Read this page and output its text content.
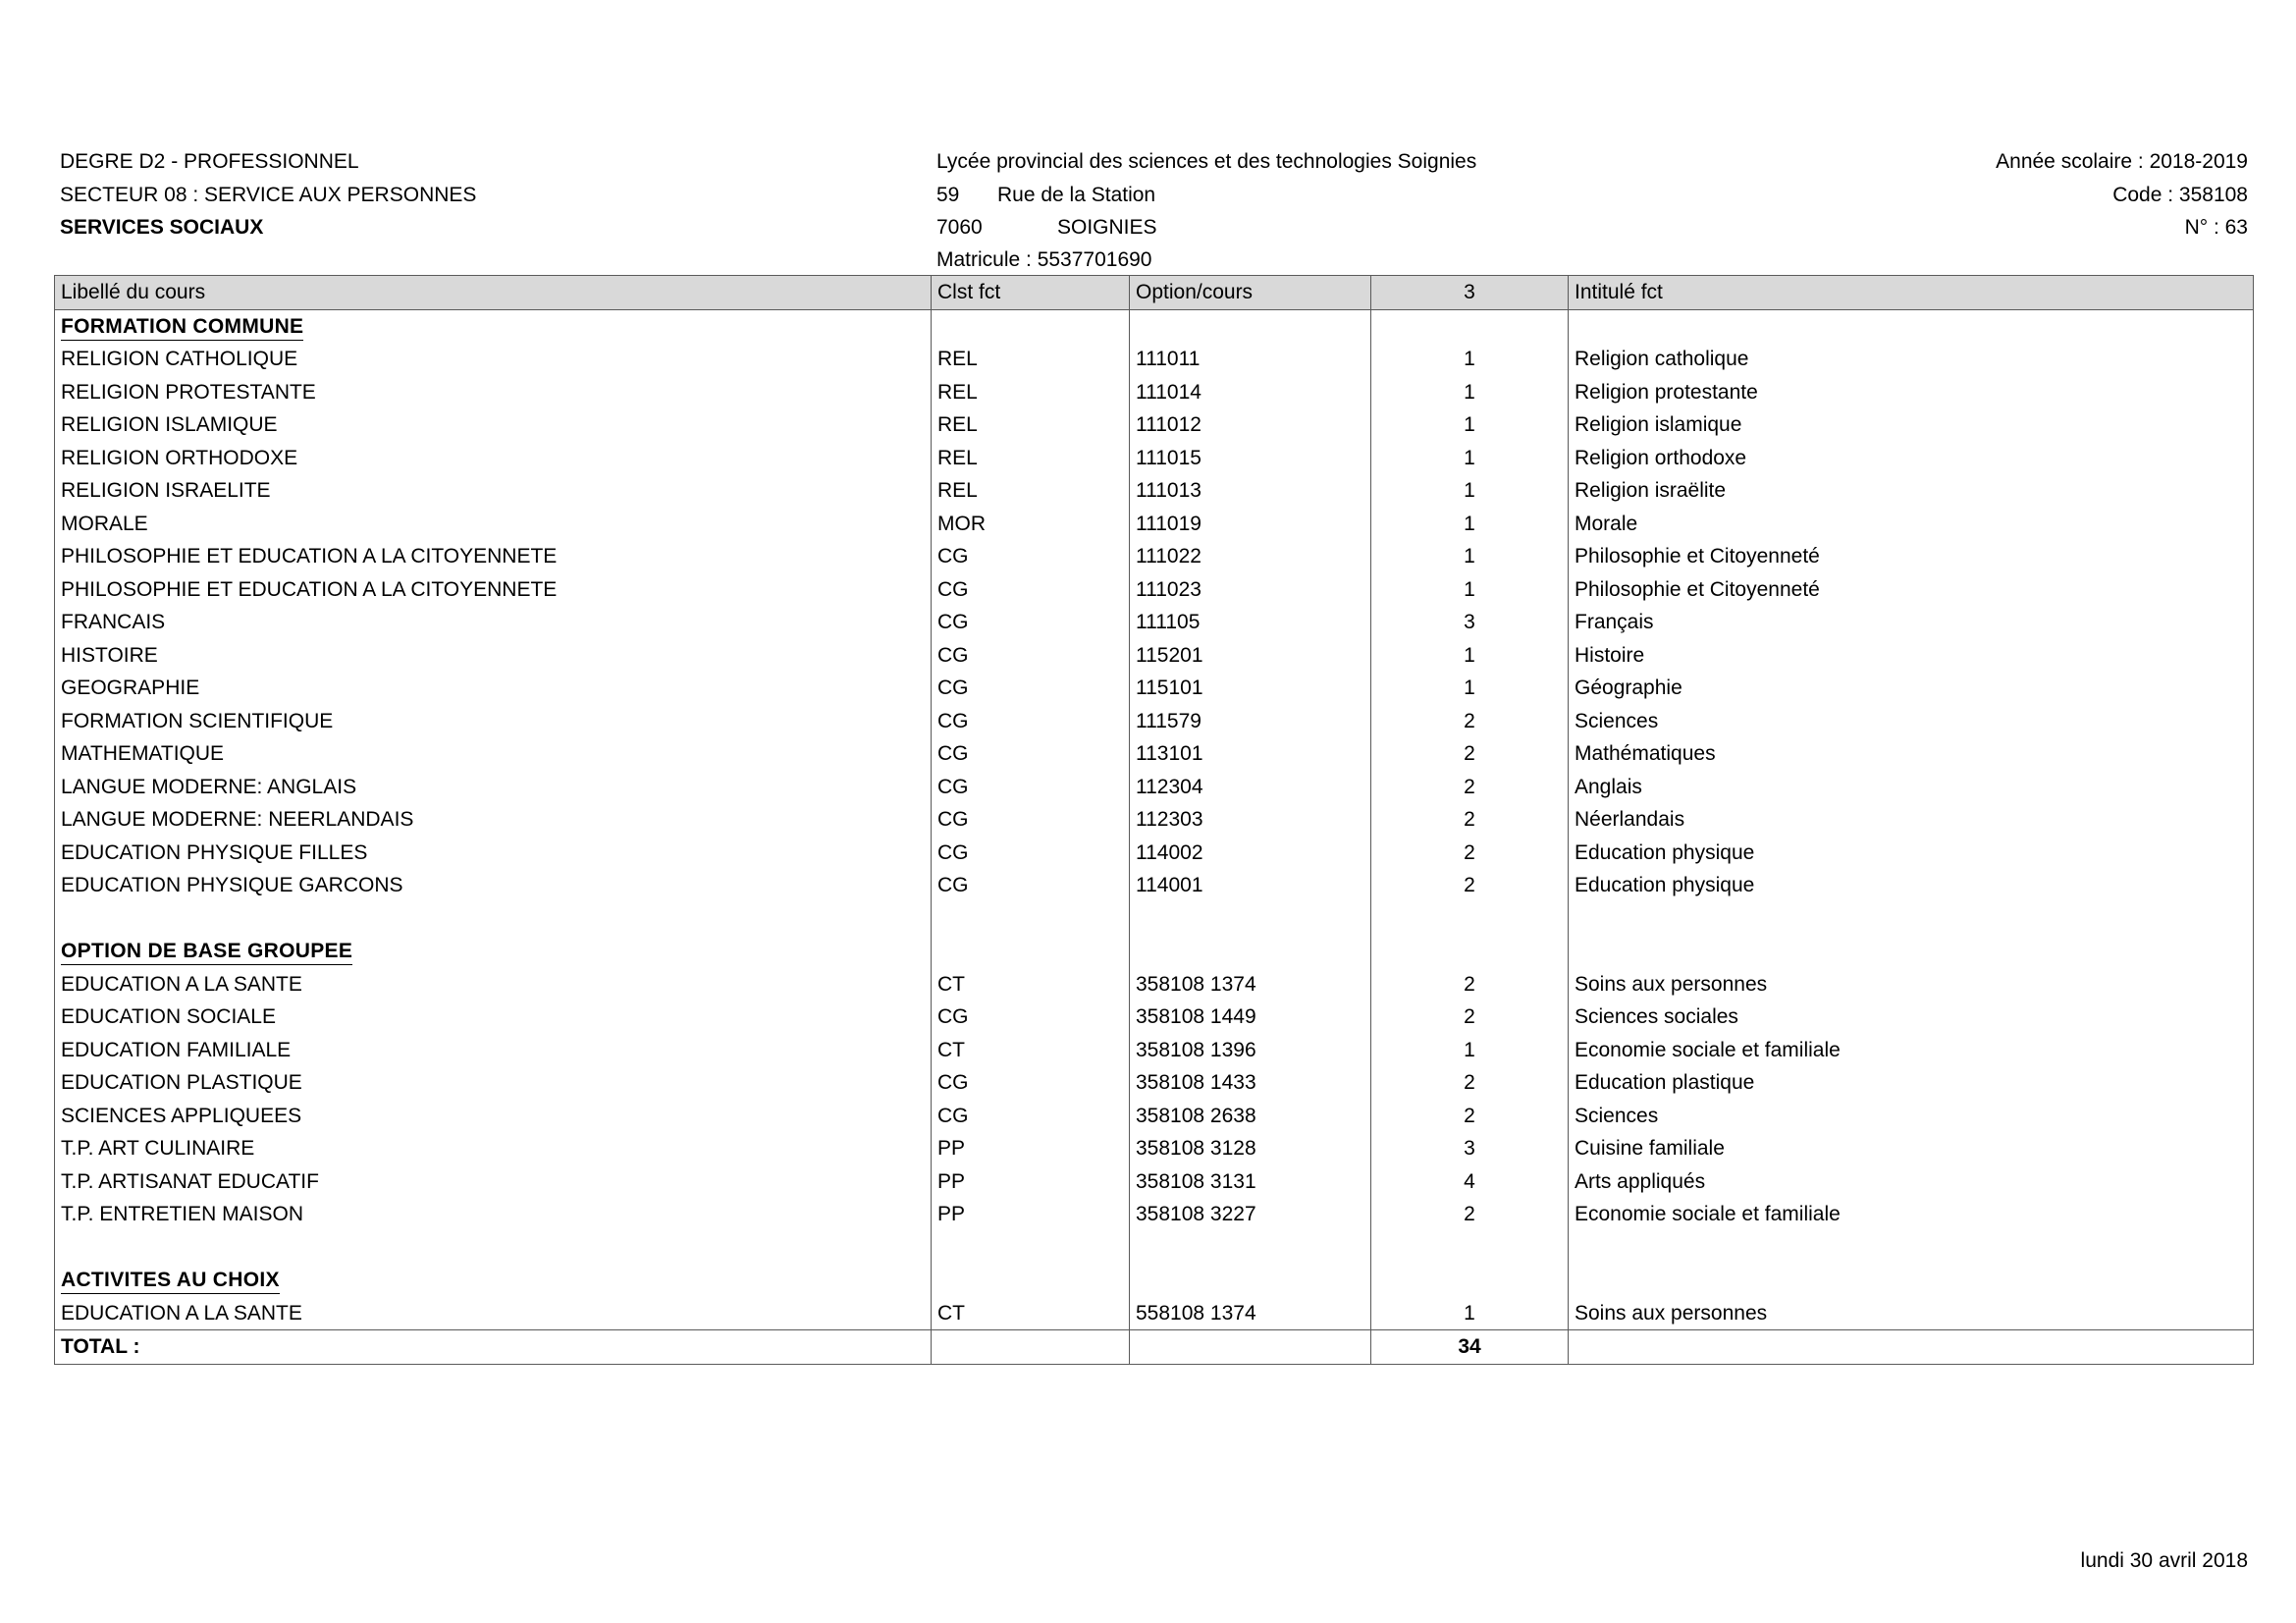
DEGRE D2 - PROFESSIONNEL
SECTEUR 08 : SERVICE AUX PERSONNES
SERVICES SOCIAUX
Lycée provincial des sciences et des technologies Soignies
59 Rue de la Station
7060	SOIGNIES
Matricule : 5537701690
Année scolaire : 2018-2019
Code : 358108
N° : 63
Libellé du cours	Clst fct	Option/cours	3	Intitulé fct
FORMATION COMMUNE				
RELIGION CATHOLIQUE	REL	111011	1	Religion catholique
RELIGION PROTESTANTE	REL	111014	1	Religion protestante
RELIGION ISLAMIQUE	REL	111012	1	Religion islamique
RELIGION ORTHODOXE	REL	111015	1	Religion orthodoxe
RELIGION ISRAELITE	REL	111013	1	Religion israëlite
MORALE	MOR	111019	1	Morale
PHILOSOPHIE ET EDUCATION A LA CITOYENNETE	CG	111022	1	Philosophie et Citoyenneté
PHILOSOPHIE ET EDUCATION A LA CITOYENNETE	CG	111023	1	Philosophie et Citoyenneté
FRANCAIS	CG	111105	3	Français
HISTOIRE	CG	115201	1	Histoire
GEOGRAPHIE	CG	115101	1	Géographie
FORMATION SCIENTIFIQUE	CG	111579	2	Sciences
MATHEMATIQUE	CG	113101	2	Mathématiques
LANGUE MODERNE: ANGLAIS	CG	112304	2	Anglais
LANGUE MODERNE: NEERLANDAIS	CG	112303	2	Néerlandais
EDUCATION PHYSIQUE FILLES	CG	114002	2	Education physique
EDUCATION PHYSIQUE GARCONS	CG	114001	2	Education physique

OPTION DE BASE GROUPEE				
EDUCATION A LA SANTE	CT	358108 1374	2	Soins aux personnes
EDUCATION SOCIALE	CG	358108 1449	2	Sciences sociales
EDUCATION FAMILIALE	CT	358108 1396	1	Economie sociale et familiale
EDUCATION PLASTIQUE	CG	358108 1433	2	Education plastique
SCIENCES APPLIQUEES	CG	358108 2638	2	Sciences
T.P. ART CULINAIRE	PP	358108 3128	3	Cuisine familiale
T.P. ARTISANAT EDUCATIF	PP	358108 3131	4	Arts appliqués
T.P. ENTRETIEN MAISON	PP	358108 3227	2	Economie sociale et familiale

ACTIVITES AU CHOIX				
EDUCATION A LA SANTE	CT	558108 1374	1	Soins aux personnes
TOTAL :			34	
lundi 30 avril 2018
